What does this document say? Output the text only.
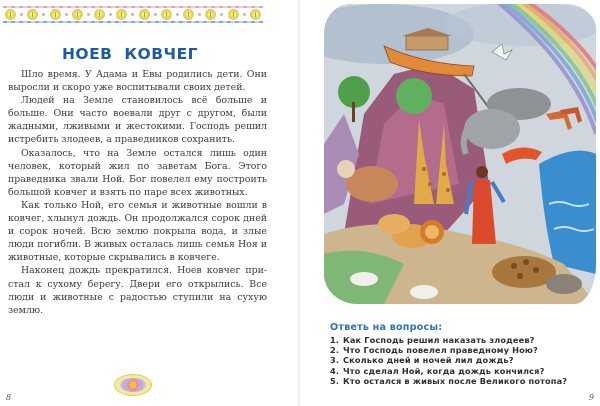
НОЕВ КОВЧЕГ

Шло время. У Адама и Евы родились дети. Они выросли и скоро уже воспитывали своих детей.

Людей на Земле становилось всё больше и больше. Они часто воевали друг с другом, были жадными, лживыми и жестокими. Господь решил истребить злодеев, а праведников сохранить.

Оказалось, что на Земле остался лишь один человек, который жил по заветам Бога. Этого праведника звали Ной. Бог повелел ему построить большой ковчег и взять по паре всех животных.

Как только Ной, его семья и животные вошли в ковчег, хлынул дождь. Он продолжался сорок дней и сорок ночей. Всю землю покрыла вода, и злые люди погибли. В живых осталась лишь семья Ноя и животные, которые скрывались в ковчеге.

Наконец дождь прекратился. Ноев ковчег пристал к сухому берегу. Двери его открылись. Все люди и животные с радостью ступили на сухую землю.

8
Ответь на вопросы:
1. Как Господь решил наказать злодеев?
2. Что Господь повелел праведному Ною?
3. Сколько дней и ночей лил дождь?
4. Что сделал Ной, когда дождь кончился?
5. Кто остался в живых после Великого потопа?
9
